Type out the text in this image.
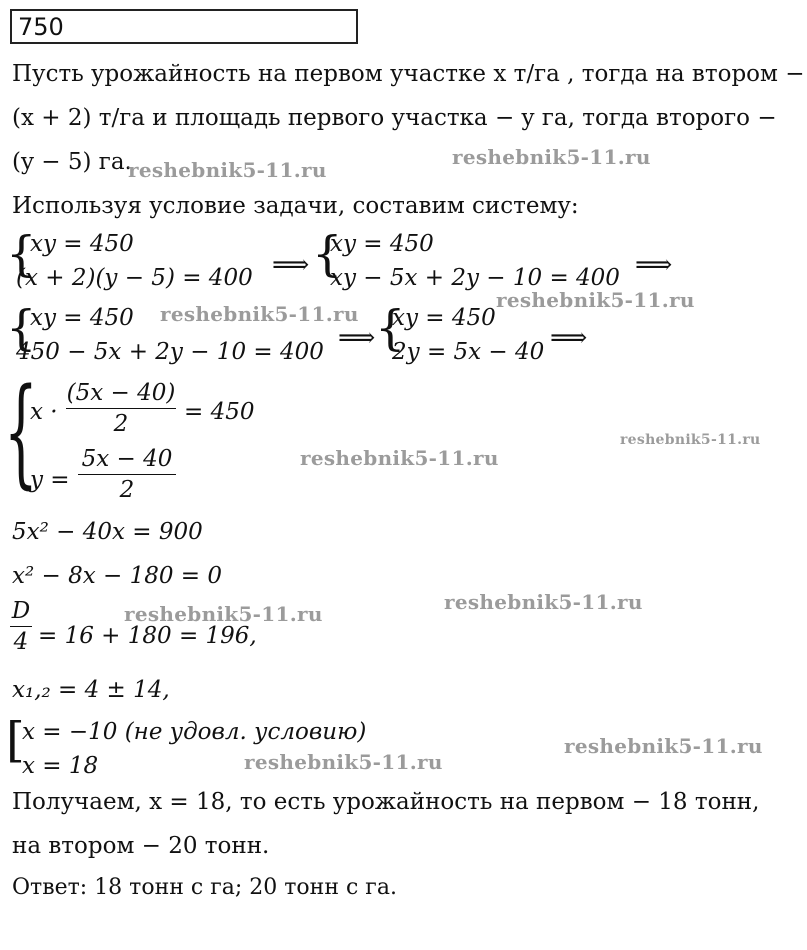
750
Пусть урожайность на первом участке x т/га , тогда на втором −
(x + 2) т/га и площадь первого участка − y га, тогда второго −
(y − 5) га.
Используя условие задачи, составим систему:
{
xy = 450
(x + 2)(y − 5) = 400 ⟹ {
xy = 450
xy − 5x + 2y − 10 = 400 ⟹
{
xy = 450
450 − 5x + 2y − 10 = 400 ⟹ {
xy = 450
2y = 5x − 40 ⟹
{
x ·
(5x − 40)
2	= 450
y =
5x − 40
2
5x² − 40x = 900
x² − 8x − 180 = 0
D
4 = 16 + 180 = 196,
x₁,₂ = 4 ± 14,
[
x = −10 (не удовл. условию)
x = 18
Получаем, x = 18, то есть урожайность на первом − 18 тонн,
на втором − 20 тонн.
Ответ: 18 тонн с га; 20 тонн с га.
reshebnik5-11.ru
reshebnik5-11.ru
reshebnik5-11.ru
reshebnik5-11.ru
reshebnik5-11.ru
reshebnik5-11.ru
reshebnik5-11.ru	reshebnik5-11.ru
reshebnik5-11.ru
reshebnik5-11.ru
